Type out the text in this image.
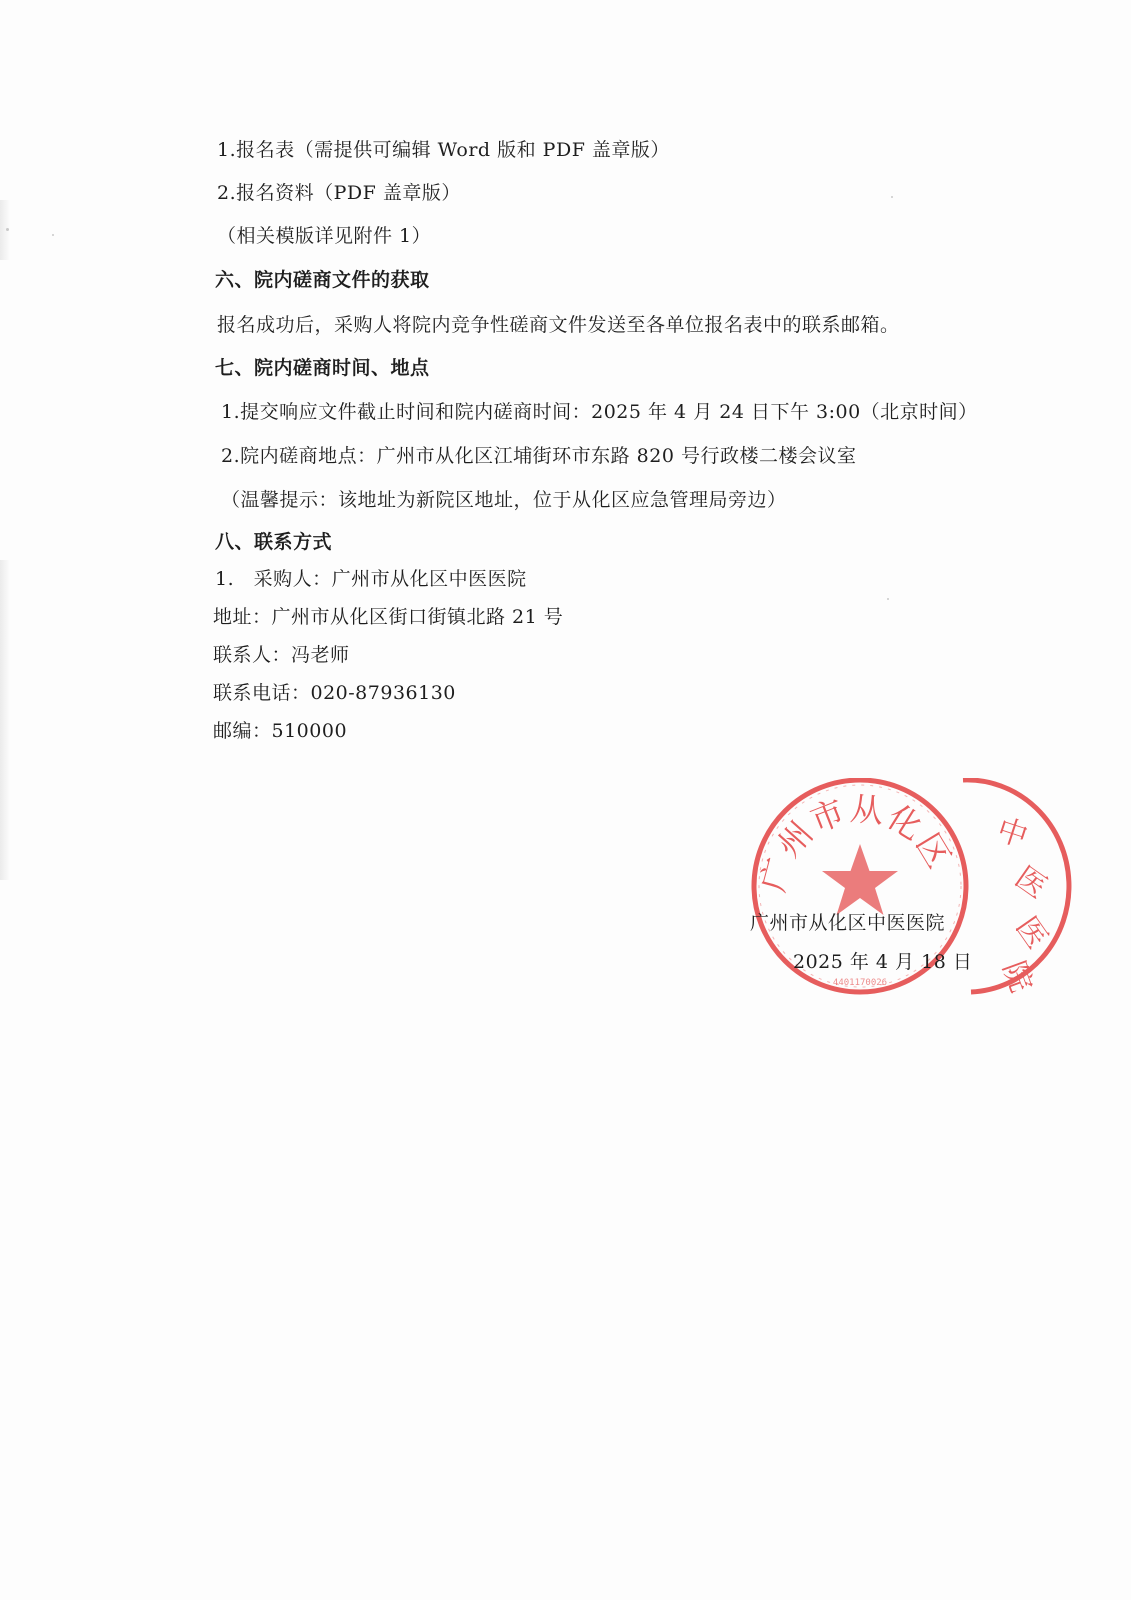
1.报名表（需提供可编辑 Word 版和 PDF 盖章版）
2.报名资料（PDF 盖章版）
（相关模版详见附件 1）
六、院内磋商文件的获取
报名成功后，采购人将院内竞争性磋商文件发送至各单位报名表中的联系邮箱。
七、院内磋商时间、地点
1.提交响应文件截止时间和院内磋商时间：2025 年 4 月 24 日下午 3:00（北京时间）
2.院内磋商地点：广州市从化区江埔街环市东路 820 号行政楼二楼会议室
（温馨提示：该地址为新院区地址，位于从化区应急管理局旁边）
八、联系方式
1.　采购人：广州市从化区中医医院
地址：广州市从化区街口街镇北路 21 号
联系人：冯老师
联系电话：020-87936130
邮编：510000
广州市从化区
4401170026
中
医
医
院
广州市从化区中医医院
2025 年 4 月 18 日
